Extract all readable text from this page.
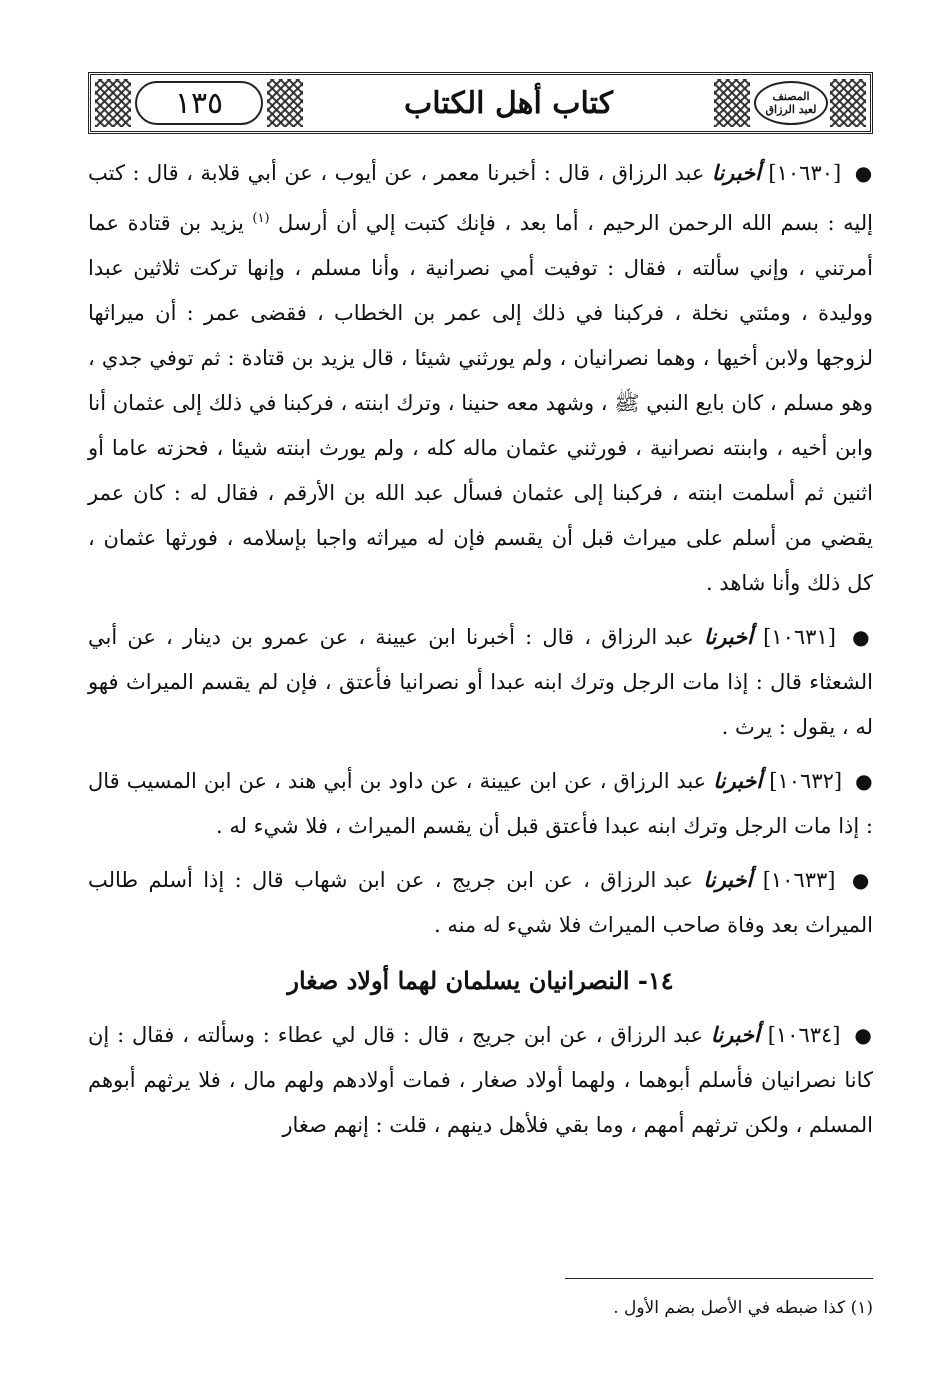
١٣٥	كتاب أهل الكتاب	المصنف
لعبد الرزاق

● [١٠٦٣٠] أخبرنا عبد الرزاق ، قال : أخبرنا معمر ، عن أيوب ، عن أبي قلابة ، قال : كتب إليه : بسم الله الرحمن الرحيم ، أما بعد ، فإنك كتبت إلي أن أرسل $^{(١)}$ يزيد بن قتادة عما أمرتني ، وإني سألته ، فقال : توفيت أمي نصرانية ، وأنا مسلم ، وإنها تركت ثلاثين عبدا ووليدة ، ومئتي نخلة ، فركبنا في ذلك إلى عمر بن الخطاب ، فقضى عمر : أن ميراثها لزوجها ولابن أخيها ، وهما نصرانيان ، ولم يورثني شيئا ، قال يزيد بن قتادة : ثم توفي جدي ، وهو مسلم ، كان بايع النبي ﷺ ، وشهد معه حنينا ، وترك ابنته ، فركبنا في ذلك إلى عثمان أنا وابن أخيه ، وابنته نصرانية ، فورثني عثمان ماله كله ، ولم يورث ابنته شيئا ، فحزته عاما أو اثنين ثم أسلمت ابنته ، فركبنا إلى عثمان فسأل عبد الله بن الأرقم ، فقال له : كان عمر يقضي من أسلم على ميراث قبل أن يقسم فإن له ميراثه واجبا بإسلامه ، فورثها عثمان ، كل ذلك وأنا شاهد .

● [١٠٦٣١] أخبرنا عبد الرزاق ، قال : أخبرنا ابن عيينة ، عن عمرو بن دينار ، عن أبي الشعثاء قال : إذا مات الرجل وترك ابنه عبدا أو نصرانيا فأعتق ، فإن لم يقسم الميراث فهو له ، يقول : يرث .

● [١٠٦٣٢] أخبرنا عبد الرزاق ، عن ابن عيينة ، عن داود بن أبي هند ، عن ابن المسيب قال : إذا مات الرجل وترك ابنه عبدا فأعتق قبل أن يقسم الميراث ، فلا شيء له .

● [١٠٦٣٣] أخبرنا عبد الرزاق ، عن ابن جريج ، عن ابن شهاب قال : إذا أسلم طالب الميراث بعد وفاة صاحب الميراث فلا شيء له منه .

١٤- النصرانيان يسلمان لهما أولاد صغار

● [١٠٦٣٤] أخبرنا عبد الرزاق ، عن ابن جريج ، قال : قال لي عطاء : وسألته ، فقال : إن كانا نصرانيان فأسلم أبوهما ، ولهما أولاد صغار ، فمات أولادهم ولهم مال ، فلا يرثهم أبوهم المسلم ، ولكن ترثهم أمهم ، وما بقي فلأهل دينهم ، قلت : إنهم صغار

(١) كذا ضبطه في الأصل بضم الأول .
